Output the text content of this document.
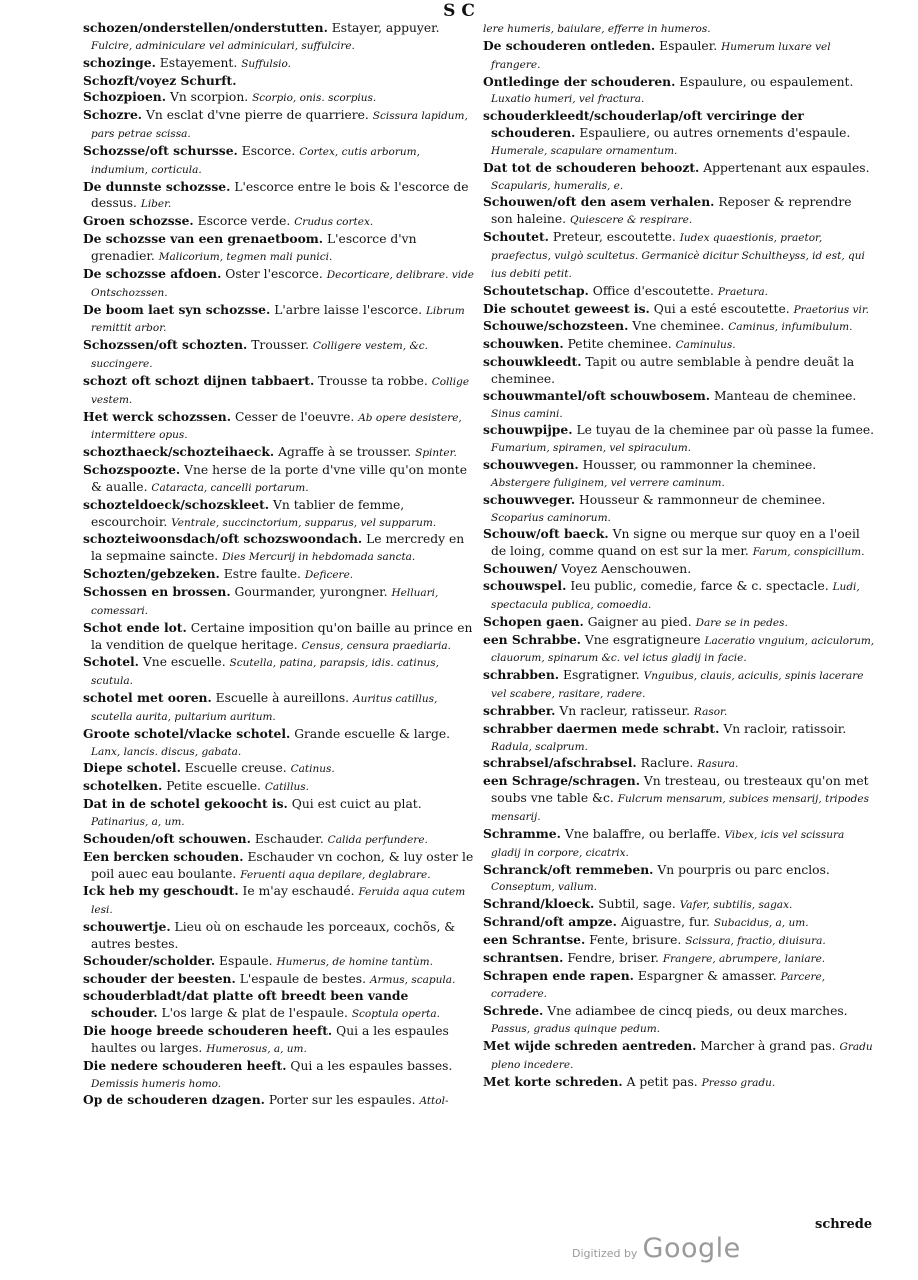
S C

schozen/onderstellen/onderstutten. Estayer, appuyer. Fulcire, adminiculare vel adminiculari, suffulcire.

schozinge. Estayement. Suffulsio.

Schozft/voyez Schurft.

Schozpioen. Vn scorpion. Scorpio, onis. scorpius.

Schozre. Vn esclat d'vne pierre de quarriere. Scissura lapidum, pars petrae scissa.

Schozsse/oft schursse. Escorce. Cortex, cutis arborum, indumium, corticula.

De dunnste schozsse. L'escorce entre le bois & l'escorce de dessus. Liber.

Groen schozsse. Escorce verde. Crudus cortex.

De schozsse van een grenaetboom. L'escorce d'vn grenadier. Malicorium, tegmen mali punici.

De schozsse afdoen. Oster l'escorce. Decorticare, delibrare. vide Ontschozssen.

De boom laet syn schozsse. L'arbre laisse l'escorce. Librum remittit arbor.

Schozssen/oft schozten. Trousser. Colligere vestem, &c. succingere.

schozt oft schozt dijnen tabbaert. Trousse ta robbe. Collige vestem.

Het werck schozssen. Cesser de l'oeuvre. Ab opere desistere, intermittere opus.

schozthaeck/schozteihaeck. Agraffe à se trousser. Spinter.

Schozspoozte. Vne herse de la porte d'vne ville qu'on monte & aualle. Cataracta, cancelli portarum.

schozteldoeck/schozskleet. Vn tablier de femme, escourchoir. Ventrale, succinctorium, supparus, vel supparum.

schozteiwoonsdach/oft schozswoondach. Le mercredy en la sepmaine saincte. Dies Mercurij in hebdomada sancta.

Schozten/gebzeken. Estre faulte. Deficere.

Schossen en brossen. Gourmander, yurongner. Helluari, comessari.

Schot ende lot. Certaine imposition qu'on baille au prince en la vendition de quelque heritage. Census, censura praediaria.

Schotel. Vne escuelle. Scutella, patina, parapsis, idis. catinus, scutula.

schotel met ooren. Escuelle à aureillons. Auritus catillus, scutella aurita, pultarium auritum.

Groote schotel/vlacke schotel. Grande escuelle & large. Lanx, lancis. discus, gabata.

Diepe schotel. Escuelle creuse. Catinus.

schotelken. Petite escuelle. Catillus.

Dat in de schotel gekoocht is. Qui est cuict au plat. Patinarius, a, um.

Schouden/oft schouwen. Eschauder. Calida perfundere.

Een bercken schouden. Eschauder vn cochon, & luy oster le poil auec eau boulante. Feruenti aqua depilare, deglabrare.

Ick heb my geschoudt. Ie m'ay eschaudé. Feruida aqua cutem lesi.

schouwertje. Lieu où on eschaude les porceaux, cochõs, & autres bestes.

Schouder/scholder. Espaule. Humerus, de homine tantùm.

schouder der beesten. L'espaule de bestes. Armus, scapula.

schouderbladt/dat platte oft breedt been vande schouder. L'os large & plat de l'espaule. Scoptula operta.

Die hooge breede schouderen heeft. Qui a les espaules haultes ou larges. Humerosus, a, um.

Die nedere schouderen heeft. Qui a les espaules basses. Demissis humeris homo.

Op de schouderen dzagen. Porter sur les espaules. Attol-

lere humeris, baiulare, efferre in humeros.

De schouderen ontleden. Espauler. Humerum luxare vel frangere.

Ontledinge der schouderen. Espaulure, ou espaulement. Luxatio humeri, vel fractura.

schouderkleedt/schouderlap/oft verciringe der schouderen. Espauliere, ou autres ornements d'espaule. Humerale, scapulare ornamentum.

Dat tot de schouderen behoozt. Appertenant aux espaules. Scapularis, humeralis, e.

Schouwen/oft den asem verhalen. Reposer & reprendre son haleine. Quiescere & respirare.

Schoutet. Preteur, escoutette. Iudex quaestionis, praetor, praefectus, vulgò scultetus. Germanicè dicitur Schultheyss, id est, qui ius debiti petit.

Schoutetschap. Office d'escoutette. Praetura.

Die schoutet geweest is. Qui a esté escoutette. Praetorius vir.

Schouwe/schozsteen. Vne cheminee. Caminus, infumibulum.

schouwken. Petite cheminee. Caminulus.

schouwkleedt. Tapit ou autre semblable à pendre deuãt la cheminee.

schouwmantel/oft schouwbosem. Manteau de cheminee. Sinus camini.

schouwpijpe. Le tuyau de la cheminee par où passe la fumee. Fumarium, spiramen, vel spiraculum.

schouwvegen. Housser, ou rammonner la cheminee. Abstergere fuliginem, vel verrere caminum.

schouwveger. Housseur & rammonneur de cheminee. Scoparius caminorum.

Schouw/oft baeck. Vn signe ou merque sur quoy en a l'oeil de loing, comme quand on est sur la mer. Farum, conspicillum.

Schouwen/ Voyez Aenschouwen.

schouwspel. Ieu public, comedie, farce & c. spectacle. Ludi, spectacula publica, comoedia.

Schopen gaen. Gaigner au pied. Dare se in pedes.

een Schrabbe. Vne esgratigneure Laceratio vnguium, aciculorum, clauorum, spinarum &c. vel ictus gladij in facie.

schrabben. Esgratigner. Vnguibus, clauis, aciculis, spinis lacerare vel scabere, rasitare, radere.

schrabber. Vn racleur, ratisseur. Rasor.

schrabber daermen mede schrabt. Vn racloir, ratissoir. Radula, scalprum.

schrabsel/afschrabsel. Raclure. Rasura.

een Schrage/schragen. Vn tresteau, ou tresteaux qu'on met soubs vne table &c. Fulcrum mensarum, subices mensarij, tripodes mensarij.

Schramme. Vne balaffre, ou berlaffe. Vibex, icis vel scissura gladij in corpore, cicatrix.

Schranck/oft remmeben. Vn pourpris ou parc enclos. Conseptum, vallum.

Schrand/kloeck. Subtil, sage. Vafer, subtilis, sagax.

Schrand/oft ampze. Aiguastre, fur. Subacidus, a, um.

een Schrantse. Fente, brisure. Scissura, fractio, diuisura.

schrantsen. Fendre, briser. Frangere, abrumpere, laniare.

Schrapen ende rapen. Espargner & amasser. Parcere, corradere.

Schrede. Vne adiambee de cincq pieds, ou deux marches. Passus, gradus quinque pedum.

Met wijde schreden aentreden. Marcher à grand pas. Gradu pleno incedere.

Met korte schreden. A petit pas. Presso gradu.

schrede
Digitized by Google
